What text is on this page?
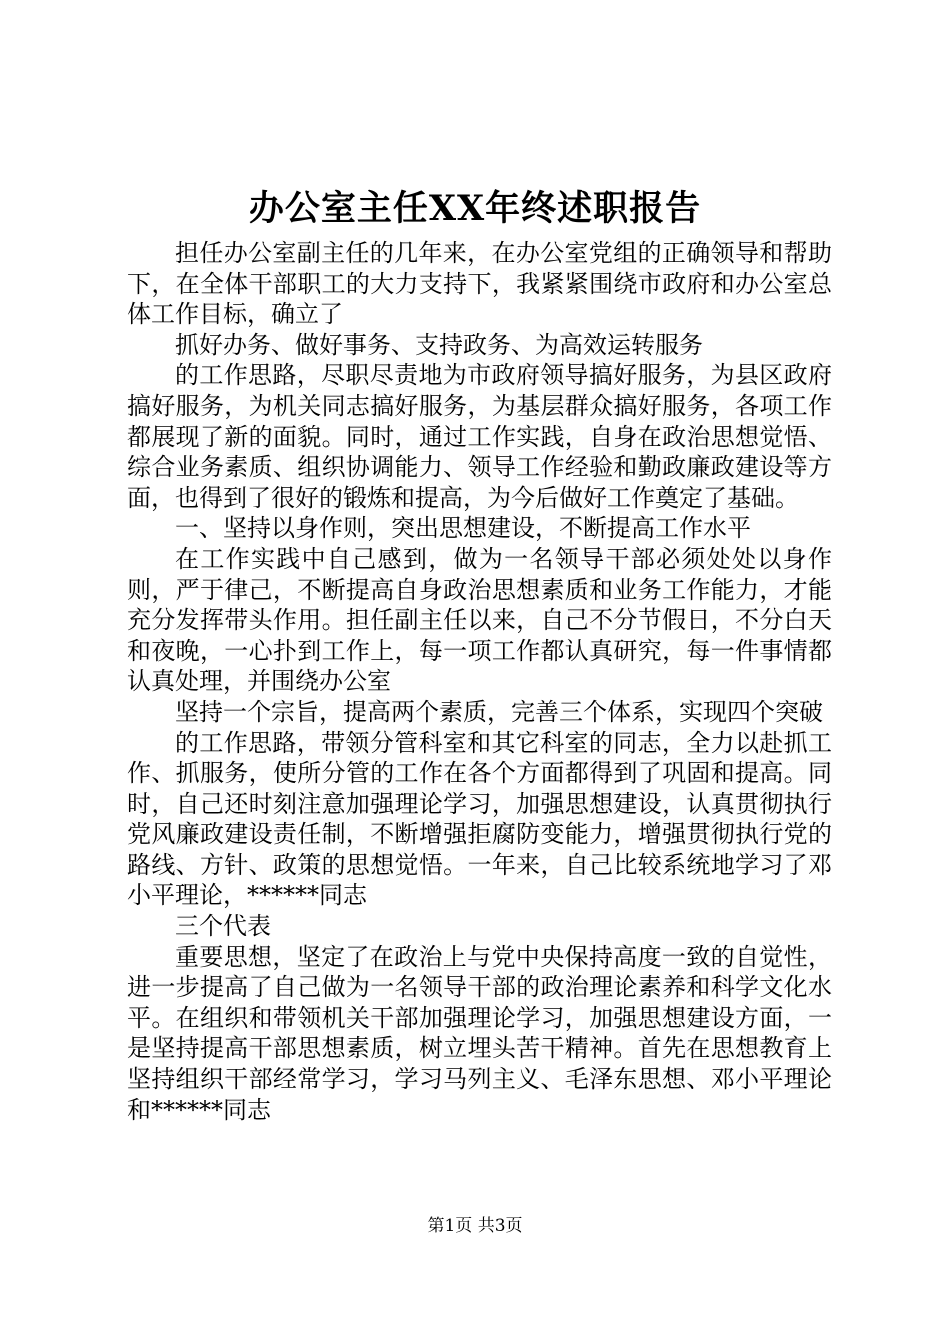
办公室主任XX年终述职报告

担任办公室副主任的几年来，在办公室党组的正确领导和帮助下，在全体干部职工的大力支持下，我紧紧围绕市政府和办公室总体工作目标，确立了

抓好办务、做好事务、支持政务、为高效运转服务

的工作思路，尽职尽责地为市政府领导搞好服务，为县区政府搞好服务，为机关同志搞好服务，为基层群众搞好服务，各项工作都展现了新的面貌。同时，通过工作实践，自身在政治思想觉悟、综合业务素质、组织协调能力、领导工作经验和勤政廉政建设等方面，也得到了很好的锻炼和提高，为今后做好工作奠定了基础。

一、坚持以身作则，突出思想建设，不断提高工作水平

在工作实践中自己感到，做为一名领导干部必须处处以身作则，严于律己，不断提高自身政治思想素质和业务工作能力，才能充分发挥带头作用。担任副主任以来，自己不分节假日，不分白天和夜晚，一心扑到工作上，每一项工作都认真研究，每一件事情都认真处理，并围绕办公室

坚持一个宗旨，提高两个素质，完善三个体系，实现四个突破

的工作思路，带领分管科室和其它科室的同志，全力以赴抓工作、抓服务，使所分管的工作在各个方面都得到了巩固和提高。同时，自己还时刻注意加强理论学习，加强思想建设，认真贯彻执行党风廉政建设责任制，不断增强拒腐防变能力，增强贯彻执行党的路线、方针、政策的思想觉悟。一年来，自己比较系统地学习了邓小平理论，******同志

三个代表

重要思想，坚定了在政治上与党中央保持高度一致的自觉性，进一步提高了自己做为一名领导干部的政治理论素养和科学文化水平。在组织和带领机关干部加强理论学习，加强思想建设方面，一是坚持提高干部思想素质，树立埋头苦干精神。首先在思想教育上坚持组织干部经常学习，学习马列主义、毛泽东思想、邓小平理论和******同志

第1页 共3页
